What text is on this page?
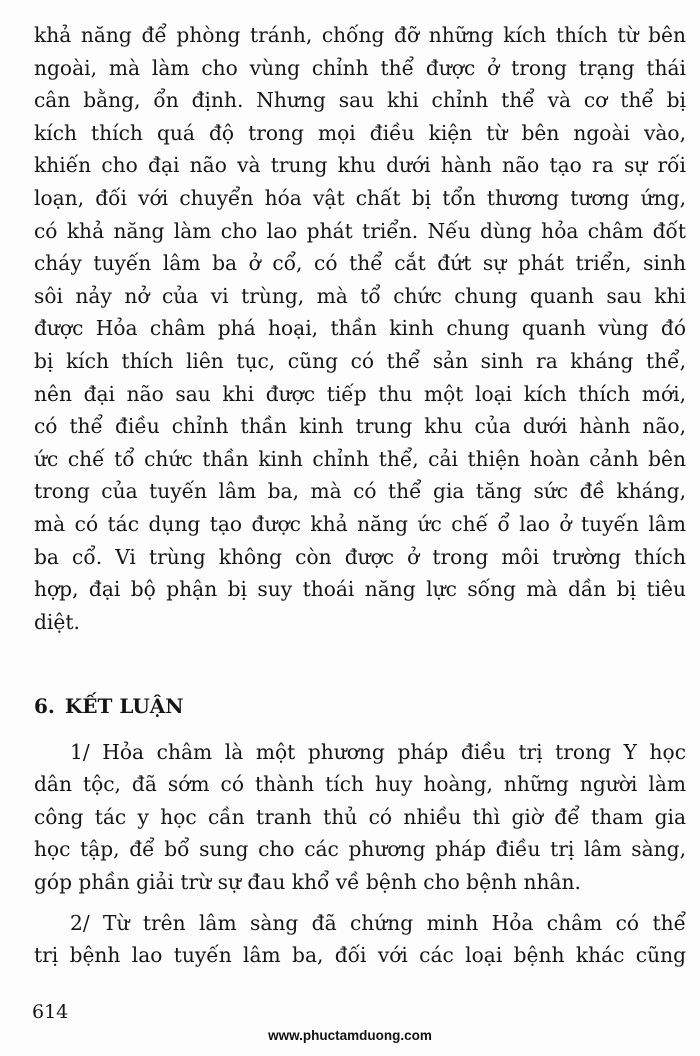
khả năng để phòng tránh, chống đỡ những kích thích từ bên
ngoài, mà làm cho vùng chỉnh thể được ở trong trạng thái
cân bằng, ổn định. Nhưng sau khi chỉnh thể và cơ thể bị
kích thích quá độ trong mọi điều kiện từ bên ngoài vào,
khiến cho đại não và trung khu dưới hành não tạo ra sự rối
loạn, đối với chuyển hóa vật chất bị tổn thương tương ứng,
có khả năng làm cho lao phát triển. Nếu dùng hỏa châm đốt
cháy tuyến lâm ba ở cổ, có thể cắt đứt sự phát triển, sinh
sôi nảy nở của vi trùng, mà tổ chức chung quanh sau khi
được Hỏa châm phá hoại, thần kinh chung quanh vùng đó
bị kích thích liên tục, cũng có thể sản sinh ra kháng thể,
nên đại não sau khi được tiếp thu một loại kích thích mới,
có thể điều chỉnh thần kinh trung khu của dưới hành não,
ức chế tổ chức thần kinh chỉnh thể, cải thiện hoàn cảnh bên
trong của tuyến lâm ba, mà có thể gia tăng sức đề kháng,
mà có tác dụng tạo được khả năng ức chế ổ lao ở tuyến lâm
ba cổ. Vi trùng không còn được ở trong môi trường thích
hợp, đại bộ phận bị suy thoái năng lực sống mà dần bị tiêu
diệt.
6. KẾT LUẬN
1/ Hỏa châm là một phương pháp điều trị trong Y học
dân tộc, đã sớm có thành tích huy hoàng, những người làm
công tác y học cần tranh thủ có nhiều thì giờ để tham gia
học tập, để bổ sung cho các phương pháp điều trị lâm sàng,
góp phần giải trừ sự đau khổ về bệnh cho bệnh nhân.
2/ Từ trên lâm sàng đã chứng minh Hỏa châm có thể
trị bệnh lao tuyến lâm ba, đối với các loại bệnh khác cũng
614
www.phuctamduong.com
